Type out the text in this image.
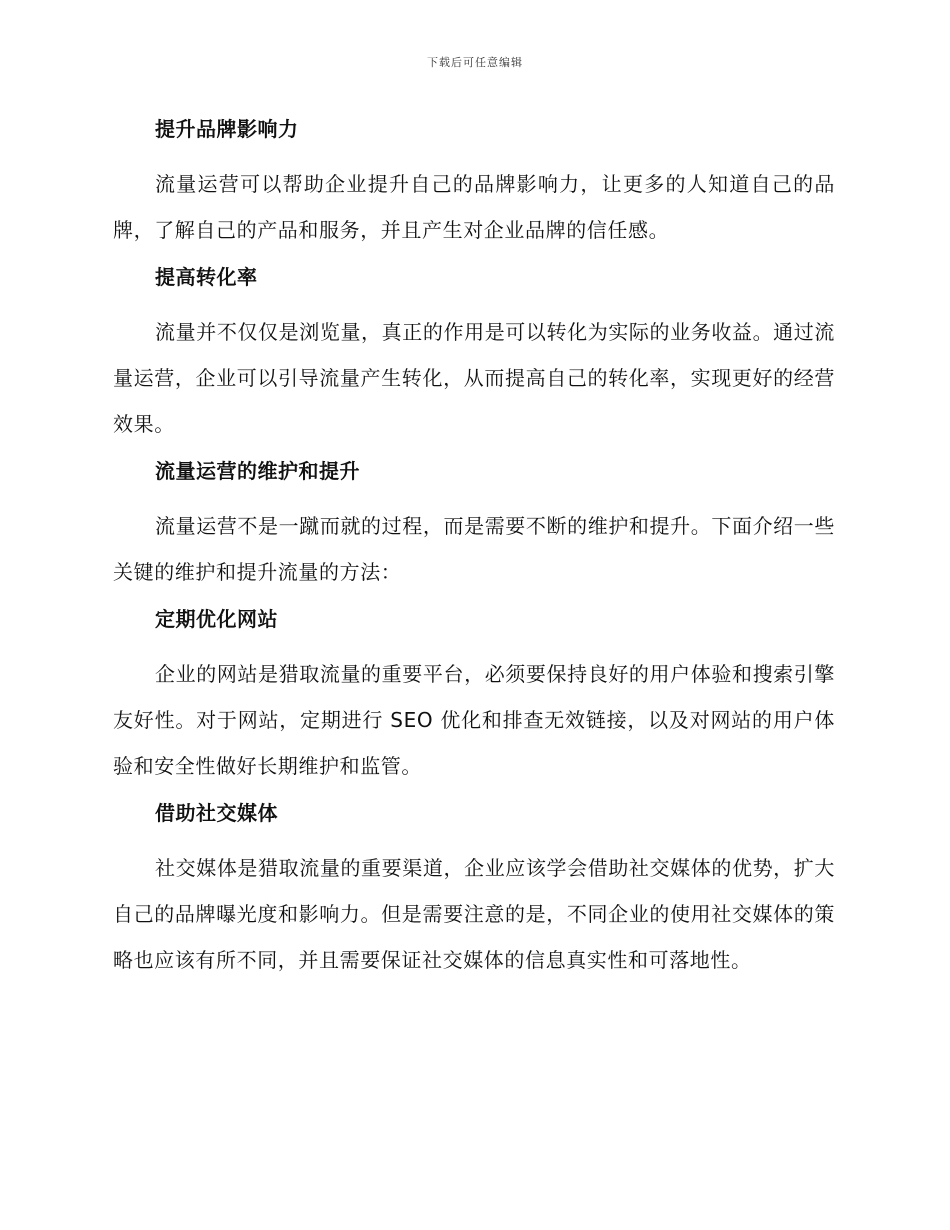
下载后可任意编辑
提升品牌影响力
流量运营可以帮助企业提升自己的品牌影响力，让更多的人知道自己的品牌，了解自己的产品和服务，并且产生对企业品牌的信任感。
提高转化率
流量并不仅仅是浏览量，真正的作用是可以转化为实际的业务收益。通过流量运营，企业可以引导流量产生转化，从而提高自己的转化率，实现更好的经营效果。
流量运营的维护和提升
流量运营不是一蹴而就的过程，而是需要不断的维护和提升。下面介绍一些关键的维护和提升流量的方法：
定期优化网站
企业的网站是猎取流量的重要平台，必须要保持良好的用户体验和搜索引擎友好性。对于网站，定期进行 SEO 优化和排查无效链接，以及对网站的用户体验和安全性做好长期维护和监管。
借助社交媒体
社交媒体是猎取流量的重要渠道，企业应该学会借助社交媒体的优势，扩大自己的品牌曝光度和影响力。但是需要注意的是，不同企业的使用社交媒体的策略也应该有所不同，并且需要保证社交媒体的信息真实性和可落地性。
